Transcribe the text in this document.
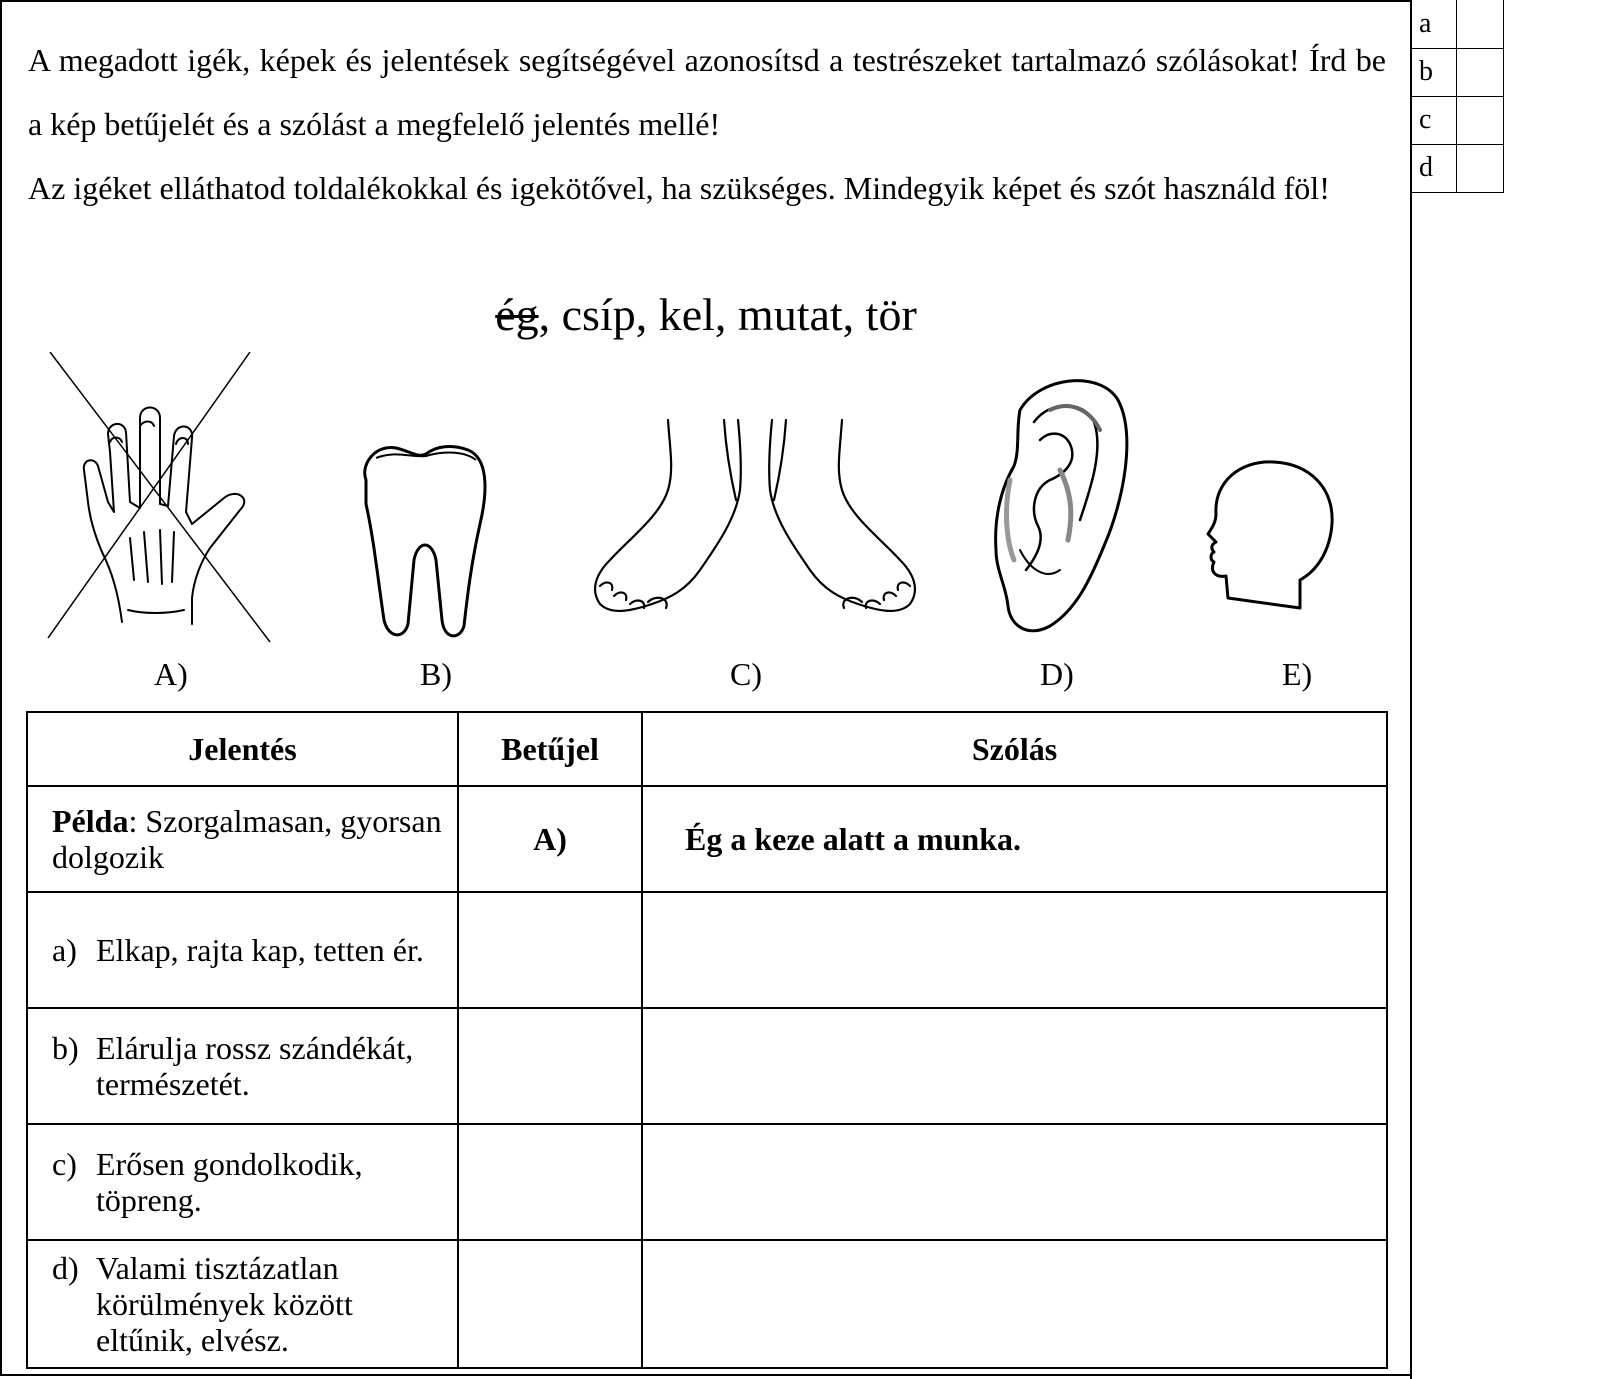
a	
b	
c	
d	

A megadott igék, képek és jelentések segítségével azonosítsd a testrészeket tartalmazó szólásokat! Írd be a kép betűjelét és a szólást a megfelelő jelentés mellé!

Az igéket elláthatod toldalékokkal és igekötővel, ha szükséges. Mindegyik képet és szót használd föl!

ég, csíp, kel, mutat, tör
A)	B)	C)	D)	E)
Jelentés	Betűjel	Szólás
Példa: Szorgalmasan, gyorsan dolgozik	A)	Ég a keze alatt a munka.

a) Elkap, rajta kap, tetten ér.		

b) Elárulja rossz szándékát, természetét.		

c) Erősen gondolkodik, töpreng.		

d) Valami tisztázatlan körülmények között eltűnik, elvész.		
